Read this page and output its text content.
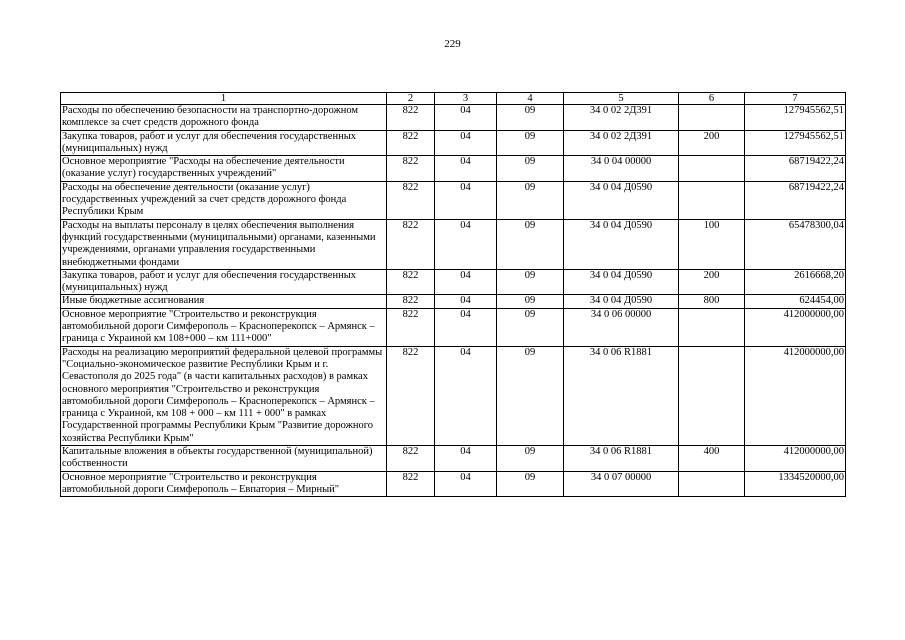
229
1	2	3	4	5	6	7
Расходы по обеспечению безопасности на транспортно-дорожном комплексе за счет средств дорожного фонда	822	04	09	34 0 02 2Д391		127945562,51
Закупка товаров, работ и услуг для обеспечения государственных (муниципальных) нужд	822	04	09	34 0 02 2Д391	200	127945562,51
Основное мероприятие "Расходы на обеспечение деятельности (оказание услуг) государственных учреждений"	822	04	09	34 0 04 00000		68719422,24
Расходы на обеспечение деятельности (оказание услуг) государственных учреждений за счет средств дорожного фонда Республики Крым	822	04	09	34 0 04 Д0590		68719422,24
Расходы на выплаты персоналу в целях обеспечения выполнения функций государственными (муниципальными) органами, казенными учреждениями, органами управления государственными внебюджетными фондами	822	04	09	34 0 04 Д0590	100	65478300,04
Закупка товаров, работ и услуг для обеспечения государственных (муниципальных) нужд	822	04	09	34 0 04 Д0590	200	2616668,20
Иные бюджетные ассигнования	822	04	09	34 0 04 Д0590	800	624454,00
Основное мероприятие "Строительство и реконструкция автомобильной дороги Симферополь – Красноперекопск – Армянск – граница с Украиной км 108+000 – км 111+000"	822	04	09	34 0 06 00000		412000000,00
Расходы на реализацию мероприятий федеральной целевой программы "Социально-экономическое развитие Республики Крым и г. Севастополя до 2025 года" (в части капитальных расходов) в рамках основного мероприятия "Строительство и реконструкция автомобильной дороги Симферополь – Красноперекопск – Армянск – граница с Украиной, км 108 + 000 – км 111 + 000" в рамках Государственной программы Республики Крым "Развитие дорожного хозяйства Республики Крым"	822	04	09	34 0 06 R1881		412000000,00
Капитальные вложения в объекты государственной (муниципальной) собственности	822	04	09	34 0 06 R1881	400	412000000,00
Основное мероприятие "Строительство и реконструкция автомобильной дороги Симферополь – Евпатория – Мирный"	822	04	09	34 0 07 00000		1334520000,00
